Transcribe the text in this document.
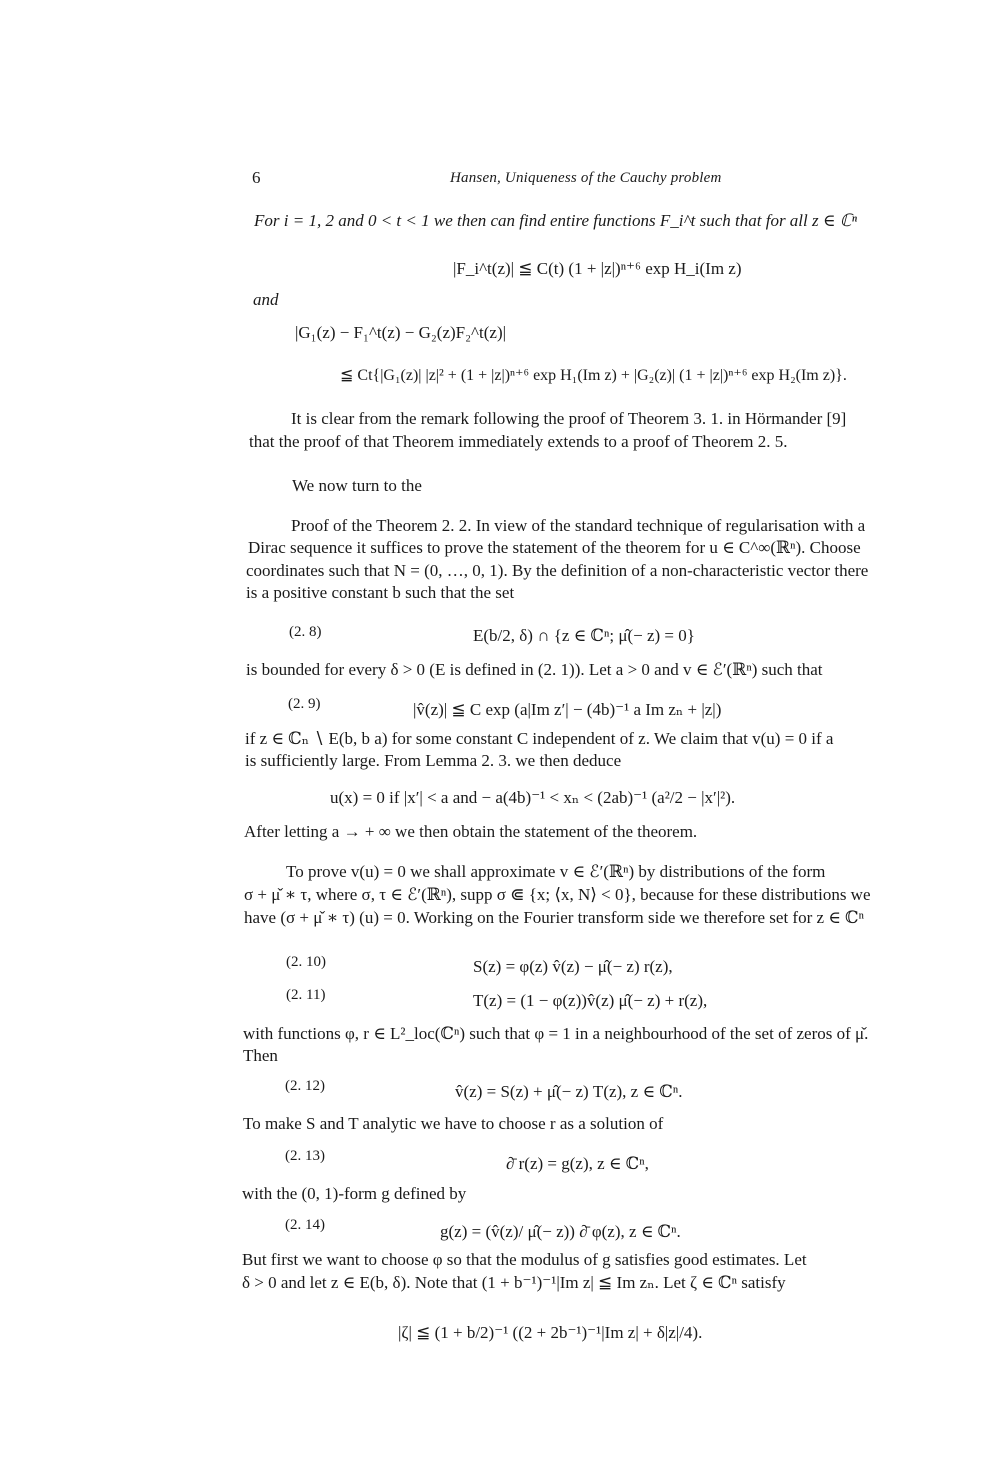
6	Hansen, Uniqueness of the Cauchy problem
For i = 1, 2 and 0 < t < 1 we then can find entire functions F_i^t such that for all z ∈ ℂⁿ
|F_i^t(z)| ≦ C(t) (1 + |z|)ⁿ⁺⁶ exp H_i(Im z)
and
|G₁(z) − F₁^t(z) − G₂(z)F₂^t(z)|
≦ Ct{|G₁(z)| |z|² + (1 + |z|)ⁿ⁺⁶ exp H₁(Im z) + |G₂(z)| (1 + |z|)ⁿ⁺⁶ exp H₂(Im z)}.
It is clear from the remark following the proof of Theorem 3. 1. in Hörmander [9]
that the proof of that Theorem immediately extends to a proof of Theorem 2. 5.
We now turn to the
Proof of the Theorem 2. 2. In view of the standard technique of regularisation with a
Dirac sequence it suffices to prove the statement of the theorem for u ∈ C^∞(ℝⁿ). Choose
coordinates such that N = (0, …, 0, 1). By the definition of a non-characteristic vector there
is a positive constant b such that the set
(2. 8)	E(b/2, δ) ∩ {z ∈ ℂⁿ; μ̂(− z) = 0}
is bounded for every δ > 0 (E is defined in (2. 1)). Let a > 0 and v ∈ ℰ′(ℝⁿ) such that
(2. 9)	|v̂(z)| ≦ C exp (a|Im z′| − (4b)⁻¹ a Im zₙ + |z|)
if z ∈ ℂₙ ∖ E(b, b a) for some constant C independent of z. We claim that v(u) = 0 if a
is sufficiently large. From Lemma 2. 3. we then deduce
u(x) = 0 if |x′| < a and − a(4b)⁻¹ < xₙ < (2ab)⁻¹ (a²/2 − |x′|²).
After letting a → + ∞ we then obtain the statement of the theorem.
To prove v(u) = 0 we shall approximate v ∈ ℰ′(ℝⁿ) by distributions of the form
σ + μ̌ ∗ τ, where σ, τ ∈ ℰ′(ℝⁿ), supp σ ⋐ {x; ⟨x, N⟩ < 0}, because for these distributions we
have (σ + μ̌ ∗ τ) (u) = 0. Working on the Fourier transform side we therefore set for z ∈ ℂⁿ
(2. 10)	S(z) = φ(z) v̂(z) − μ̂(− z) r(z),
(2. 11)	T(z) = (1 − φ(z))v̂(z) μ̂(− z) + r(z),
with functions φ, r ∈ L²_loc(ℂⁿ) such that φ = 1 in a neighbourhood of the set of zeros of μ̌.
Then
(2. 12)	v̂(z) = S(z) + μ̂(− z) T(z), z ∈ ℂⁿ.
To make S and T analytic we have to choose r as a solution of
(2. 13)	∂̄ r(z) = g(z), z ∈ ℂⁿ,
with the (0, 1)-form g defined by
(2. 14)	g(z) = (v̂(z)/ μ̂(− z)) ∂̄ φ(z), z ∈ ℂⁿ.
But first we want to choose φ so that the modulus of g satisfies good estimates. Let
δ > 0 and let z ∈ E(b, δ). Note that (1 + b⁻¹)⁻¹|Im z| ≦ Im zₙ. Let ζ ∈ ℂⁿ satisfy
|ζ| ≦ (1 + b/2)⁻¹ ((2 + 2b⁻¹)⁻¹|Im z| + δ|z|/4).
